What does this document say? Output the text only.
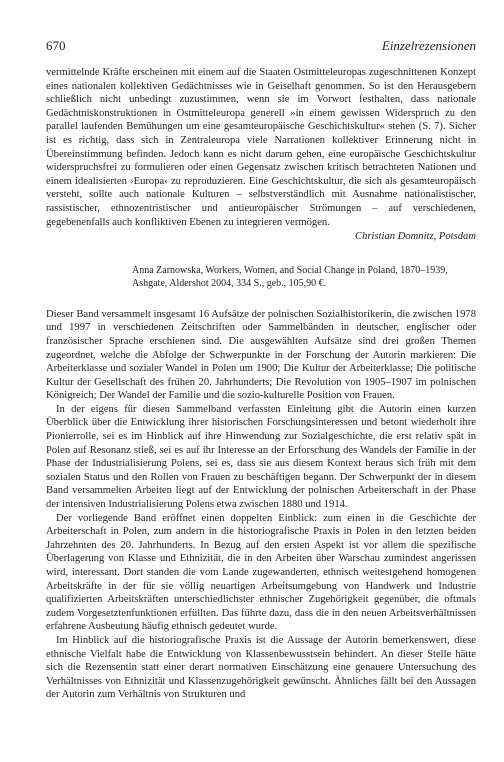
670	Einzelrezensionen

vermittelnde Kräfte erscheinen mit einem auf die Staaten Ostmitteleuropas zugeschnittenen Konzept eines nationalen kollektiven Gedächtnisses wie in Geiselhaft genommen. So ist den Herausgebern schließlich nicht unbedingt zuzustimmen, wenn sie im Vorwort festhalten, dass nationale Gedächtniskonstruktionen in Ostmitteleuropa generell »in einem gewissen Widerspruch zu den parallel laufenden Bemühungen um eine gesamteuropäische Geschichtskultur« stehen (S. 7). Sicher ist es richtig, dass sich in Zentraleuropa viele Narrationen kollektiver Erinnerung nicht in Übereinstimmung befinden. Jedoch kann es nicht darum gehen, eine europäische Geschichtskultur widerspruchsfrei zu formulieren oder einen Gegensatz zwischen kritisch betrachteten Nationen und einem idealisierten ›Europa‹ zu reproduzieren. Eine Geschichtskultur, die sich als gesamteuropäisch versteht, sollte auch nationale Kulturen – selbstverständlich mit Ausnahme nationalistischer, rassistischer, ethnozentristischer und antieuropäischer Strömungen – auf verschiedenen, gegebenenfalls auch konfliktiven Ebenen zu integrieren vermögen.

Christian Domnitz, Potsdam

Anna Zarnowska, Workers, Women, and Social Change in Poland, 1870–1939,
Ashgate, Aldershot 2004, 334 S., geb., 105,90 €.

Dieser Band versammelt insgesamt 16 Aufsätze der polnischen Sozialhistorikerin, die zwischen 1978 und 1997 in verschiedenen Zeitschriften oder Sammelbänden in deutscher, englischer oder französischer Sprache erschienen sind. Die ausgewählten Aufsätze sind drei großen Themen zugeordnet, welche die Abfolge der Schwerpunkte in der Forschung der Autorin markieren: Die Arbeiterklasse und sozialer Wandel in Polen um 1900; Die Kultur der Arbeiterklasse; Die politische Kultur der Gesellschaft des frühen 20. Jahrhunderts; Die Revolution von 1905–1907 im polnischen Königreich; Der Wandel der Familie und die sozio-kulturelle Position von Frauen.

In der eigens für diesen Sammelband verfassten Einleitung gibt die Autorin einen kurzen Überblick über die Entwicklung ihrer historischen Forschungsinteressen und betont wiederholt ihre Pionierrolle, sei es im Hinblick auf ihre Hinwendung zur Sozialgeschichte, die erst relativ spät in Polen auf Resonanz stieß, sei es auf ihr Interesse an der Erforschung des Wandels der Familie in der Phase der Industrialisierung Polens, sei es, dass sie aus diesem Kontext heraus sich früh mit dem sozialen Status und den Rollen von Frauen zu beschäftigen begann. Der Schwerpunkt der in diesem Band versammelten Arbeiten liegt auf der Entwicklung der polnischen Arbeiterschaft in der Phase der intensiven Industrialisierung Polens etwa zwischen 1880 und 1914.

Der vorliegende Band eröffnet einen doppelten Einblick: zum einen in die Geschichte der Arbeiterschaft in Polen, zum andern in die historiografische Praxis in Polen in den letzten beiden Jahrzehnten des 20. Jahrhunderts. In Bezug auf den ersten Aspekt ist vor allem die spezifische Überlagerung von Klasse und Ethnizität, die in den Arbeiten über Warschau zumindest angerissen wird, interessant. Dort standen die vom Lande zugewanderten, ethnisch weitestgehend homogenen Arbeitskräfte in der für sie völlig neuartigen Arbeitsumgebung von Handwerk und Industrie qualifizierten Arbeitskräften unterschiedlichster ethnischer Zugehörigkeit gegenüber, die oftmals zudem Vorgesetztenfunktionen erfüllten. Das führte dazu, dass die in den neuen Arbeitsverhältnissen erfahrene Ausbeutung häufig ethnisch gedeutet wurde.

Im Hinblick auf die historiografische Praxis ist die Aussage der Autorin bemerkenswert, diese ethnische Vielfalt habe die Entwicklung von Klassenbewusstsein behindert. An dieser Stelle hätte sich die Rezensentin statt einer derart normativen Einschätzung eine genauere Untersuchung des Verhältnisses von Ethnizität und Klassenzugehörigkeit gewünscht. Ähnliches fällt bei den Aussagen der Autorin zum Verhältnis von Strukturen und
